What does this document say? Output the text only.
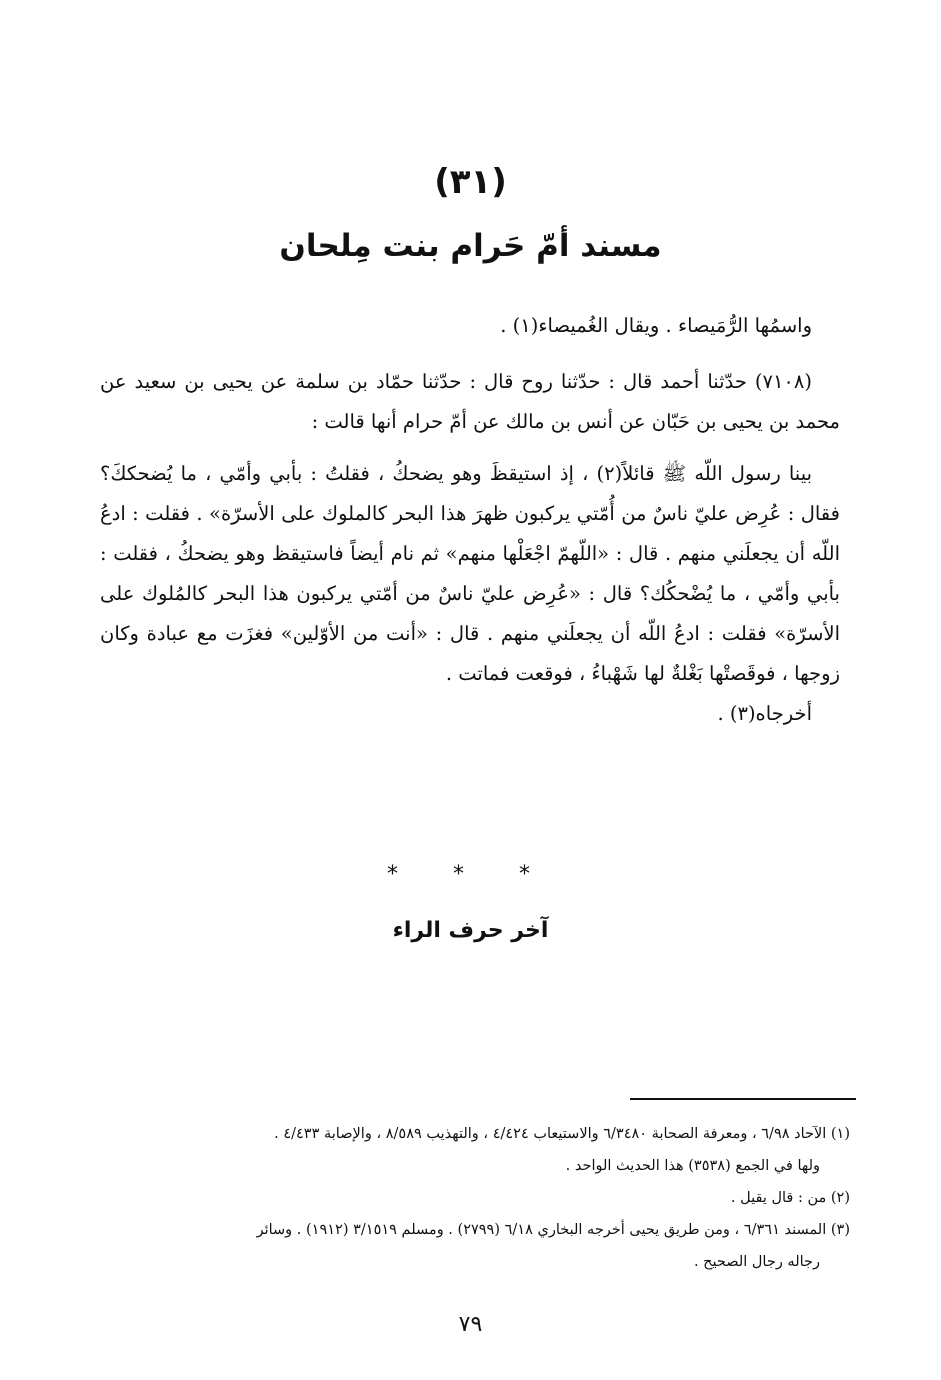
(٣١)
مسند أمّ حَرام بنت مِلحان
واسمُها الرُّمَيصاء . ويقال الغُميصاء(١) .

(٧١٠٨) حدّثنا أحمد قال : حدّثنا روح قال : حدّثنا حمّاد بن سلمة عن يحيى بن سعيد عن محمد بن يحيى بن حَبّان عن أنس بن مالك عن أمّ حرام أنها قالت :

بينا رسول اللّه ﷺ قائلاً(٢) ، إذ استيقظَ وهو يضحكُ ، فقلتُ : بأبي وأمّي ، ما يُضحككَ؟ فقال : عُرِض عليّ ناسٌ من أُمّتي يركبون ظهرَ هذا البحر كالملوك على الأسرّة» . فقلت : ادعُ اللّه أن يجعلَني منهم . قال : «اللّهمّ اجْعَلْها منهم» ثم نام أيضاً فاستيقظ وهو يضحكُ ، فقلت : بأبي وأمّي ، ما يُضْحكُك؟ قال : «عُرِض عليّ ناسٌ من أمّتي يركبون هذا البحر كالمُلوك على الأسرّة» فقلت : ادعُ اللّه أن يجعلَني منهم . قال : «أنت من الأوّلين» فغزَت مع عبادة وكان زوجها ، فوقَصتْها بَغْلةٌ لها شَهْباءُ ، فوقعت فماتت .

أخرجاه(٣) .

* * *
آخر حرف الراء

(١) الآحاد ٦/٩٨ ، ومعرفة الصحابة ٦/٣٤٨٠ والاستيعاب ٤/٤٢٤ ، والتهذيب ٨/٥٨٩ ، والإصابة ٤/٤٣٣ .

ولها في الجمع (٣٥٣٨) هذا الحديث الواحد .

(٢) من : قال يقيل .

(٣) المسند ٦/٣٦١ ، ومن طريق يحيى أخرجه البخاري ٦/١٨ (٢٧٩٩) . ومسلم ٣/١٥١٩ (١٩١٢) . وسائر

رجاله رجال الصحيح .

٧٩
